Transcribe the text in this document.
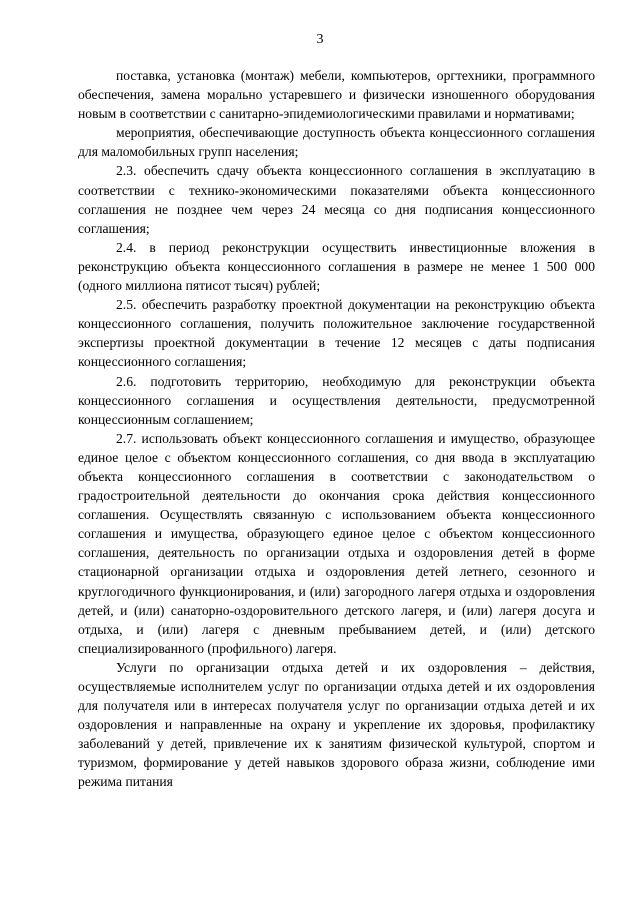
3

поставка, установка (монтаж) мебели, компьютеров, оргтехники, программного обеспечения, замена морально устаревшего и физически изношенного оборудования новым в соответствии с санитарно-эпидемиологическими правилами и нормативами;

мероприятия, обеспечивающие доступность объекта концессионного соглашения для маломобильных групп населения;

2.3. обеспечить сдачу объекта концессионного соглашения в эксплуатацию в соответствии с технико-экономическими показателями объекта концессионного соглашения не позднее чем через 24 месяца со дня подписания концессионного соглашения;

2.4. в период реконструкции осуществить инвестиционные вложения в реконструкцию объекта концессионного соглашения в размере не менее 1 500 000 (одного миллиона пятисот тысяч) рублей;

2.5. обеспечить разработку проектной документации на реконструкцию объекта концессионного соглашения, получить положительное заключение государственной экспертизы проектной документации в течение 12 месяцев с даты подписания концессионного соглашения;

2.6. подготовить территорию, необходимую для реконструкции объекта концессионного соглашения и осуществления деятельности, предусмотренной концессионным соглашением;

2.7. использовать объект концессионного соглашения и имущество, образующее единое целое с объектом концессионного соглашения, со дня ввода в эксплуатацию объекта концессионного соглашения в соответствии с законодательством о градостроительной деятельности до окончания срока действия концессионного соглашения. Осуществлять связанную с использованием объекта концессионного соглашения и имущества, образующего единое целое с объектом концессионного соглашения, деятельность по организации отдыха и оздоровления детей в форме стационарной организации отдыха и оздоровления детей летнего, сезонного и круглогодичного функционирования, и (или) загородного лагеря отдыха и оздоровления детей, и (или) санаторно-оздоровительного детского лагеря, и (или) лагеря досуга и отдыха, и (или) лагеря с дневным пребыванием детей, и (или) детского специализированного (профильного) лагеря.

Услуги по организации отдыха детей и их оздоровления – действия, осуществляемые исполнителем услуг по организации отдыха детей и их оздоровления для получателя или в интересах получателя услуг по организации отдыха детей и их оздоровления и направленные на охрану и укрепление их здоровья, профилактику заболеваний у детей, привлечение их к занятиям физической культурой, спортом и туризмом, формирование у детей навыков здорового образа жизни, соблюдение ими режима питания
